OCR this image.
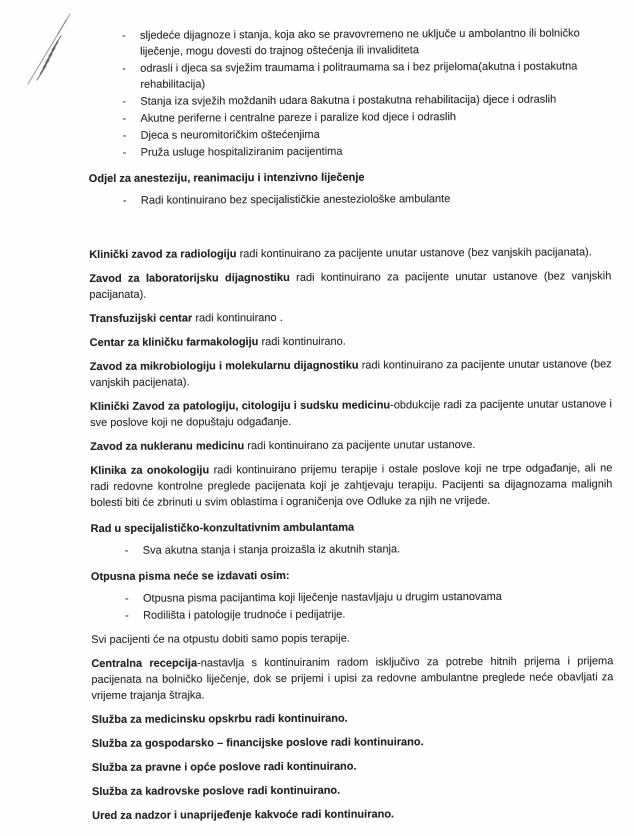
-	sljedeće dijagnoze i stanja, koja ako se pravovremeno ne uključe u ambolantno ili bolničko liječenje, mogu dovesti do trajnog oštećenja ili invaliditeta
-	odrasli i djeca sa svježim traumama i politraumama sa i bez prijeloma(akutna i postakutna rehabilitacija)
-	Stanja iza svježih moždanih udara 8akutna i postakutna rehabilitacija) djece i odraslih
-	Akutne periferne i centralne pareze i paralize kod djece i odraslih
-	Djeca s neuromitoričkim oštećenjima
-	Pruža usluge hospitaliziranim pacijentima

Odjel za anesteziju, reanimaciju i intenzivno liječenje

-	Radi kontinuirano bez specijalističkie anesteziološke ambulante

Klinički zavod za radiologiju radi kontinuirano za pacijente unutar ustanove (bez vanjskih pacijanata).

Zavod za laboratorijsku dijagnostiku radi kontinuirano za pacijente unutar ustanove (bez vanjskih pacijanata).

Transfuzijski centar radi kontinuirano .

Centar za kliničku farmakologiju radi kontinuirano.

Zavod za mikrobiologiju i molekularnu dijagnostiku radi kontinuirano za pacijente unutar ustanove (bez vanjskih pacijenata).

Klinički Zavod za patologiju, citologiju i sudsku medicinu-obdukcije radi za pacijente unutar ustanove i sve poslove koji ne dopuštaju odgađanje.

Zavod za nukleranu medicinu radi kontinuirano za pacijente unutar ustanove.

Klinika za onokologiju radi kontinuirano prijemu terapije i ostale poslove koji ne trpe odgađanje, ali ne radi redovne kontrolne preglede pacijenata koji je zahtjevaju terapiju. Pacijenti sa dijagnozama malignih bolesti biti će zbrinuti u svim oblastima i ograničenja ove Odluke za njih ne vrijede.

Rad u specijalističko-konzultativnim ambulantama

-	Sva akutna stanja i stanja proizašla iz akutnih stanja.

Otpusna pisma neće se izdavati osim:

-	Otpusna pisma pacijantima koji liječenje nastavljaju u drugim ustanovama
-	Rodilišta i patologije trudnoće i pedijatrije.

Svi pacijenti će na otpustu dobiti samo popis terapije.

Centralna recepcija-nastavlja s kontinuiranim radom isključivo za potrebe hitnih prijema i prijema pacijenata na bolničko liječenje, dok se prijemi i upisi za redovne ambulantne preglede neće obavljati za vrijeme trajanja štrajka.

Služba za medicinsku opskrbu radi kontinuirano.

Služba za gospodarsko – financijske poslove radi kontinuirano.

Služba za pravne i opće poslove radi kontinuirano.

Služba za kadrovske poslove radi kontinuirano.

Ured za nadzor i unaprijeđenje kakvoće radi kontinuirano.
